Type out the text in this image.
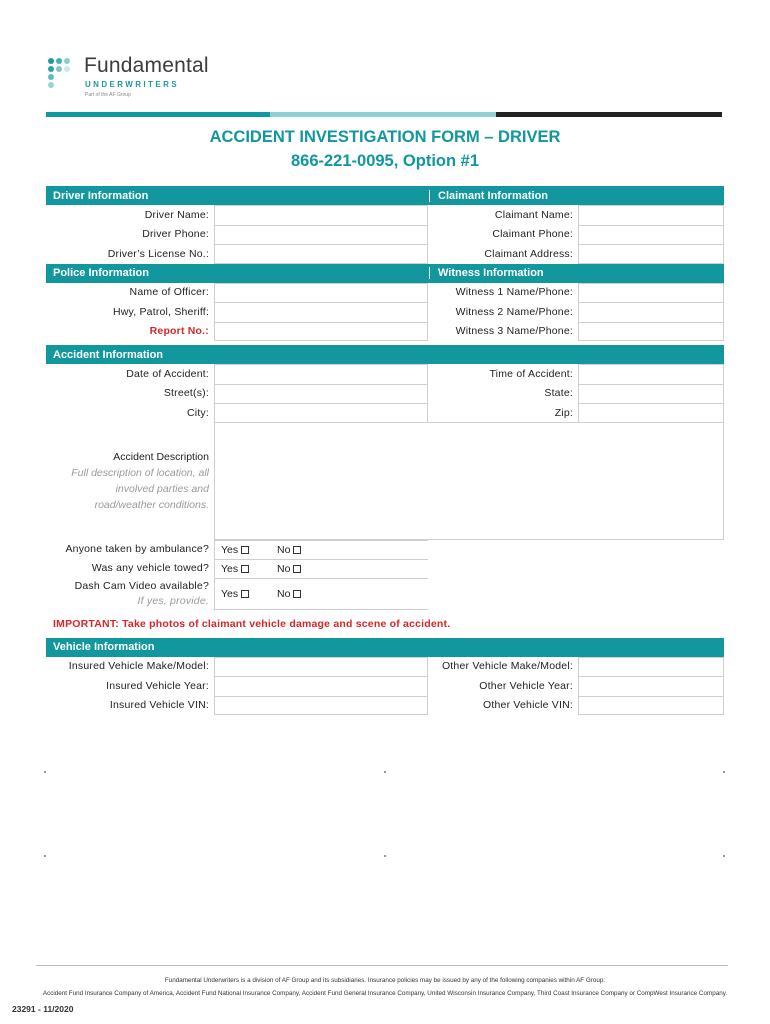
Fundamental
UNDERWRITERS
Part of the AF Group
ACCIDENT INVESTIGATION FORM – DRIVER
866-221-0095, Option #1
Driver Information	Claimant Information
Driver Name:	Claimant Name:
Driver Phone:	Claimant Phone:
Driver’s License No.:	Claimant Address:
Police Information	Witness Information
Name of Officer:	Witness 1 Name/Phone:
Hwy, Patrol, Sheriff:	Witness 2 Name/Phone:
Report No.:	Witness 3 Name/Phone:
Accident Information
Date of Accident:	Time of Accident:
Street(s):	State:
City:	Zip:
Accident Description
Full description of location, all
involved parties and
road/weather conditions.
Anyone taken by ambulance?	Yes	No
Was any vehicle towed?	Yes	No
Dash Cam Video available?
If yes, provide.
Yes	No
IMPORTANT: Take photos of claimant vehicle damage and scene of accident.
Vehicle Information
Insured Vehicle Make/Model:	Other Vehicle Make/Model:
Insured Vehicle Year:	Other Vehicle Year:
Insured Vehicle VIN:	Other Vehicle VIN:
Fundamental Underwriters is a division of AF Group and its subsidiaries. Insurance policies may be issued by any of the following companies within AF Group:
Accident Fund Insurance Company of America, Accident Fund National Insurance Company, Accident Fund General Insurance Company, United Wisconsin Insurance Company, Third Coast Insurance Company or CompWest Insurance Company.
23291 - 11/2020
